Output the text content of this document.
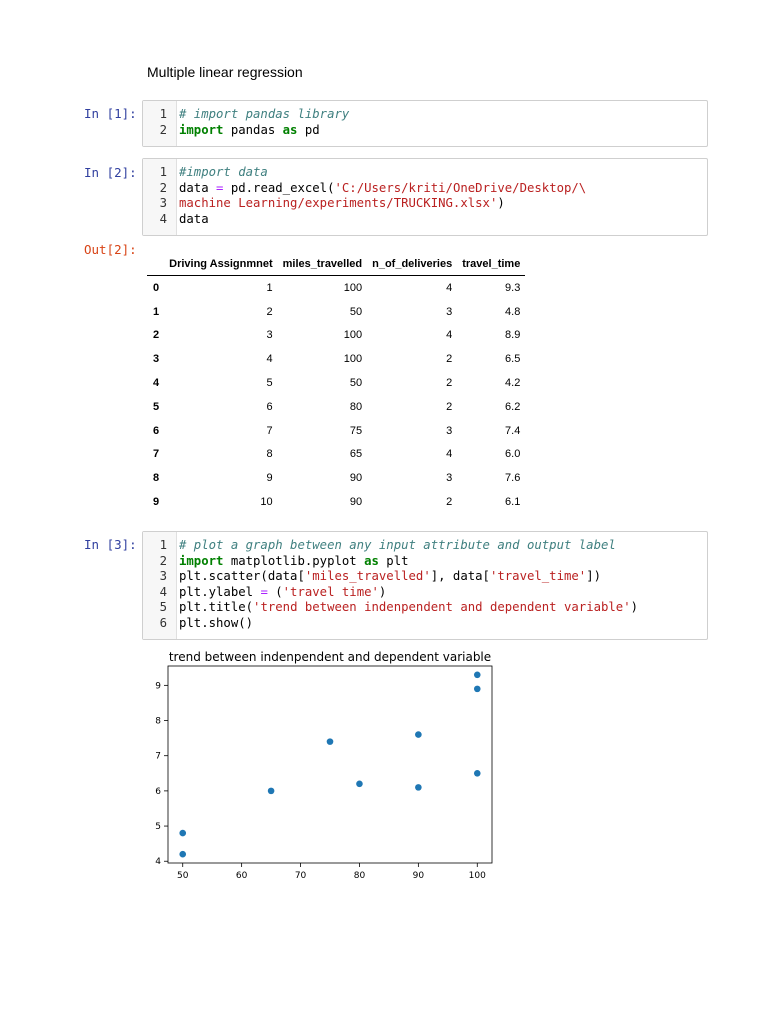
Multiple linear regression
In [1]:	1 # import pandas library
2 import pandas as pd
In [2]:	1 #import data
2 data = pd.read_excel('C:/Users/kriti/OneDrive/Desktop/\
3 machine Learning/experiments/TRUCKING.xlsx')
4 data
Out[2]:
	Driving Assignmnet	miles_travelled	n_of_deliveries	travel_time
0	1	100	4	9.3
1	2	50	3	4.8
2	3	100	4	8.9
3	4	100	2	6.5
4	5	50	2	4.2
5	6	80	2	6.2
6	7	75	3	7.4
7	8	65	4	6.0
8	9	90	3	7.6
9	10	90	2	6.1
In [3]:	1 # plot a graph between any input attribute and output label
2 import matplotlib.pyplot as plt
3 plt.scatter(data['miles_travelled'], data['travel_time'])
4 plt.ylabel = ('travel time')
5 plt.title('trend between indenpendent and dependent variable')
6 plt.show()
trend between indenpendent and dependent variable
50	60	70	80	90	100
4
5
6
7
8
9
